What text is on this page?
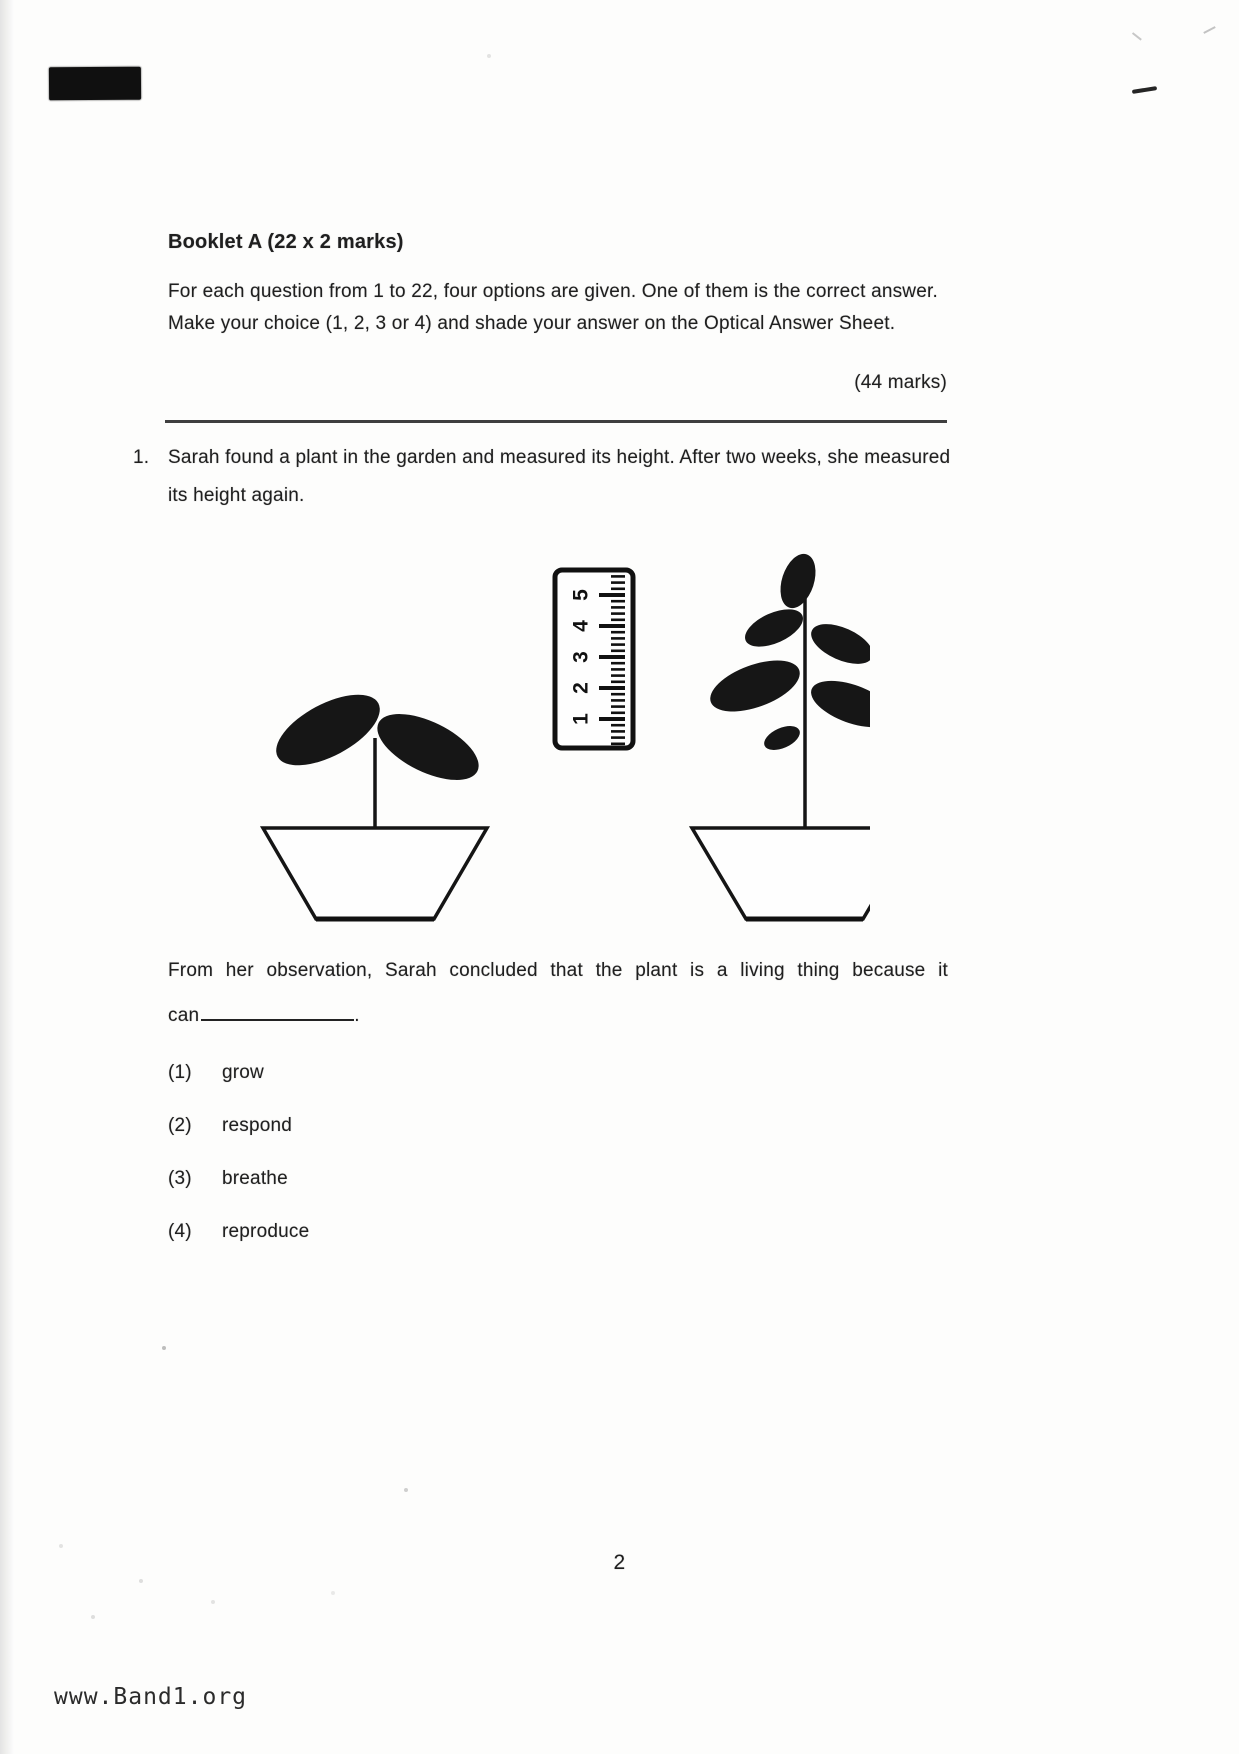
Booklet A (22 x 2 marks)
For each question from 1 to 22, four options are given. One of them is the correct answer.
Make your choice (1, 2, 3 or 4) and shade your answer on the Optical Answer Sheet.
(44 marks)
1. Sarah found a plant in the garden and measured its height. After two weeks, she measured
its height again.
5
4
3
2
1
From her observation, Sarah concluded that the plant is a living thing because it
can	.
(1) grow
(2) respond
(3) breathe
(4) reproduce
2
www.Band1.org
